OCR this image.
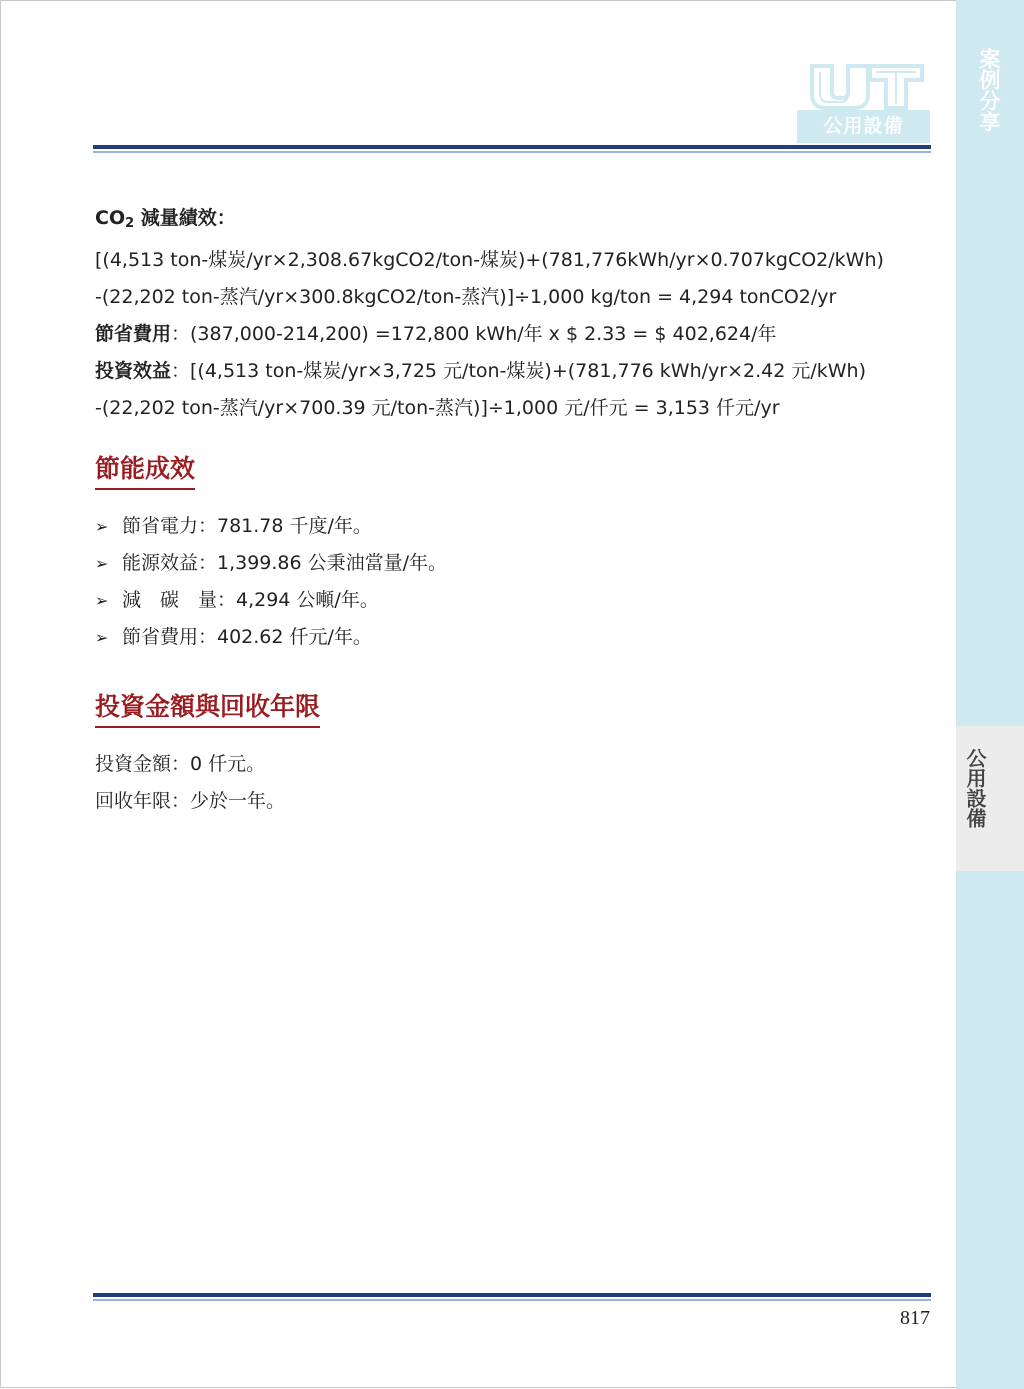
案例分享
公用設備
公用設備
$CO_2$ 減量績效：
[(4,513 ton-煤炭/yr×2,308.67kgCO2/ton-煤炭)+(781,776kWh/yr×0.707kgCO2/kWh)
-(22,202 ton-蒸汽/yr×300.8kgCO2/ton-蒸汽)]÷1,000 kg/ton = 4,294 tonCO2/yr
節省費用：(387,000-214,200) =172,800 kWh/年 x $ 2.33 = $ 402,624/年
投資效益：[(4,513 ton-煤炭/yr×3,725 元/ton-煤炭)+(781,776 kWh/yr×2.42 元/kWh)
-(22,202 ton-蒸汽/yr×700.39 元/ton-蒸汽)]÷1,000 元/仟元 = 3,153 仟元/yr
節能成效
➢ 節省電力：781.78 千度/年。
➢ 能源效益：1,399.86 公秉油當量/年。
➢ 減　碳　量：4,294 公噸/年。
➢ 節省費用：402.62 仟元/年。
投資金額與回收年限
投資金額：0 仟元。
回收年限：少於一年。
817
